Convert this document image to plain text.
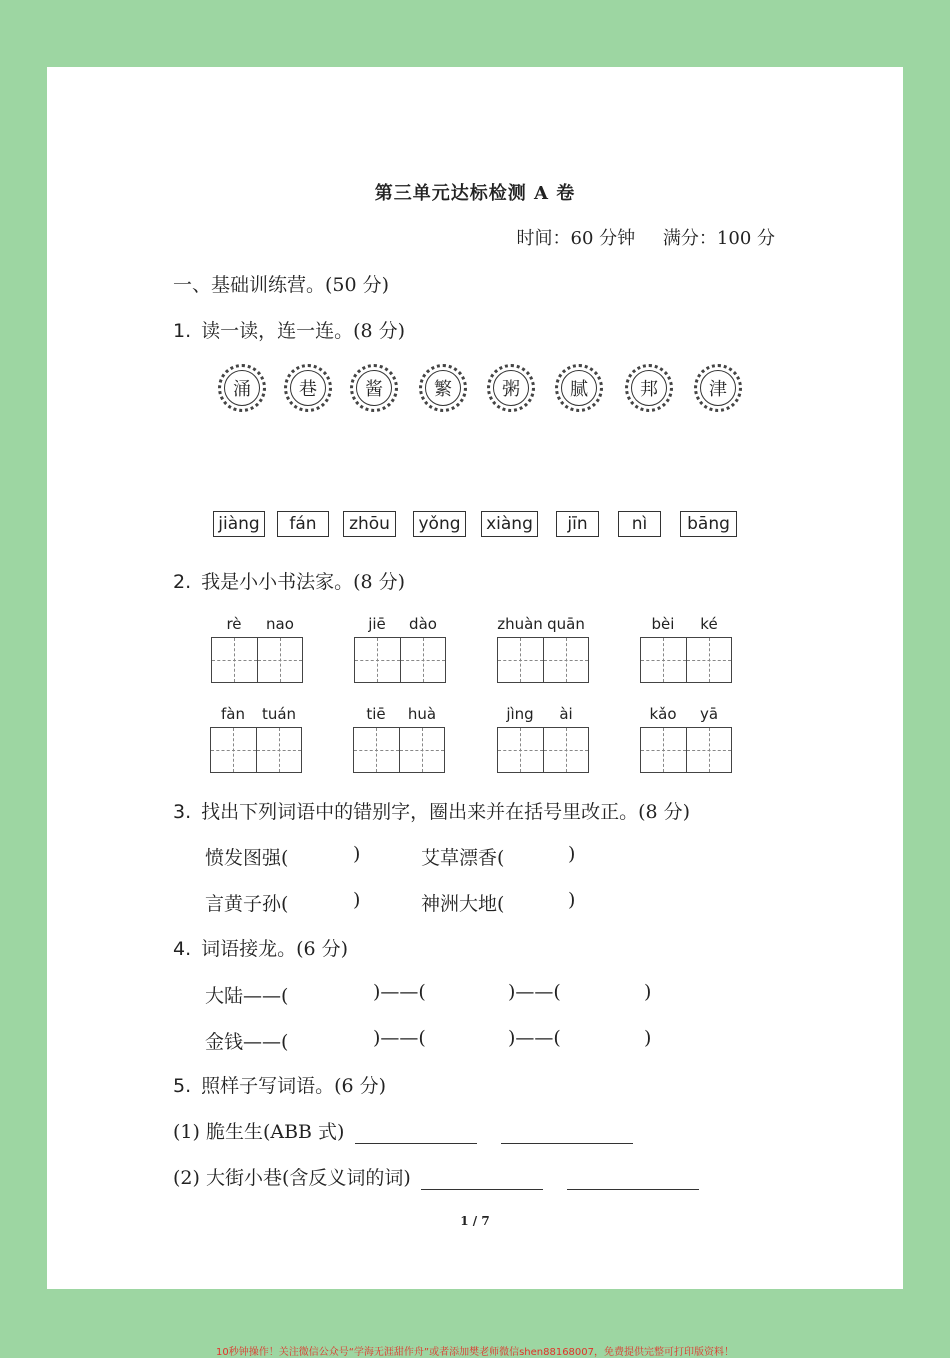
第三单元达标检测 A 卷
时间：60 分钟 满分：100 分
一、基础训练营。(50 分)
1. 读一读，连一连。(8 分)
涌	巷	酱	繁	粥	腻	邦	津
jiàng	fán	zhōu	yǒng	xiàng	jīn	nì	bāng
2. 我是小小书法家。(8 分)
rè	nao	jiē	dào	zhuàn quān	bèi	ké
fàn	tuán	tiē	huà	jìng	ài	kǎo	yā
3. 找出下列词语中的错别字，圈出来并在括号里改正。(8 分)
愤发图强(	)	艾草漂香(	)
言黄子孙(	)	神洲大地(	)
4. 词语接龙。(6 分)
大陆——(	)——(	)——(	)
金钱——(	)——(	)——(	)
5. 照样子写词语。(6 分)
(1) 脆生生(ABB 式)
(2) 大街小巷(含反义词的词)
1 / 7
10秒钟操作！关注微信公众号“学海无涯甜作舟”或者添加樊老师微信shen88168007，免费提供完整可打印版资料！
